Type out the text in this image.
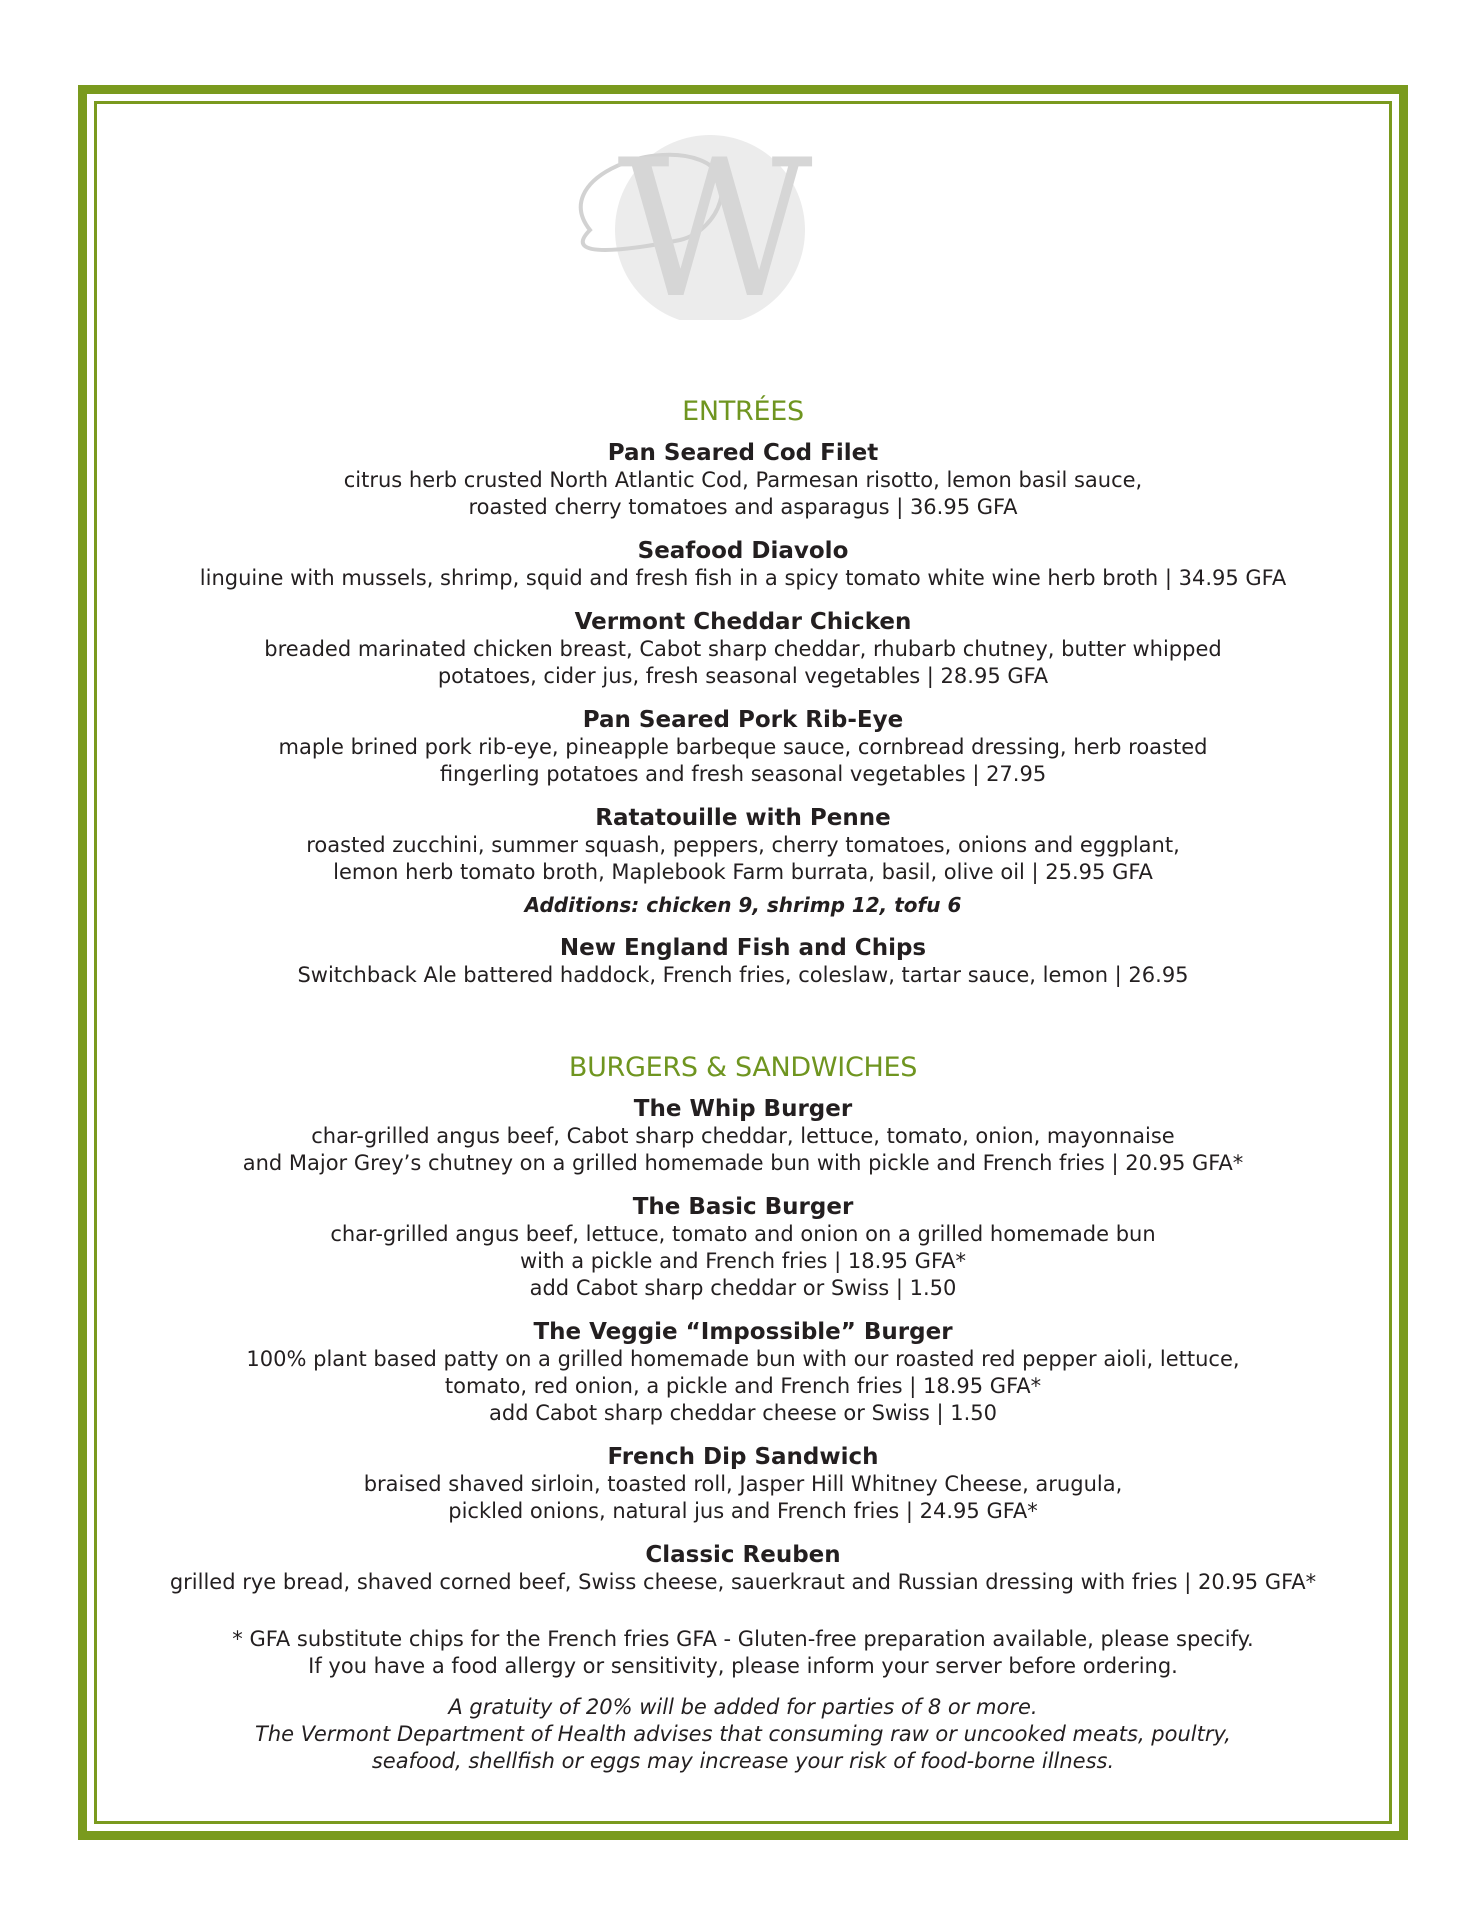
W
ENTRÉES
Pan Seared Cod Filet
citrus herb crusted North Atlantic Cod, Parmesan risotto, lemon basil sauce,
roasted cherry tomatoes and asparagus | 36.95 GFA
Seafood Diavolo
linguine with mussels, shrimp, squid and fresh fish in a spicy tomato white wine herb broth | 34.95 GFA
Vermont Cheddar Chicken
breaded marinated chicken breast, Cabot sharp cheddar, rhubarb chutney, butter whipped
potatoes, cider jus, fresh seasonal vegetables | 28.95 GFA
Pan Seared Pork Rib-Eye
maple brined pork rib-eye, pineapple barbeque sauce, cornbread dressing, herb roasted
fingerling potatoes and fresh seasonal vegetables | 27.95
Ratatouille with Penne
roasted zucchini, summer squash, peppers, cherry tomatoes, onions and eggplant,
lemon herb tomato broth, Maplebook Farm burrata, basil, olive oil | 25.95 GFA
Additions: chicken 9, shrimp 12, tofu 6
New England Fish and Chips
Switchback Ale battered haddock, French fries, coleslaw, tartar sauce, lemon | 26.95
BURGERS & SANDWICHES
The Whip Burger
char-grilled angus beef, Cabot sharp cheddar, lettuce, tomato, onion, mayonnaise
and Major Grey’s chutney on a grilled homemade bun with pickle and French fries | 20.95 GFA*
The Basic Burger
char-grilled angus beef, lettuce, tomato and onion on a grilled homemade bun
with a pickle and French fries | 18.95 GFA*
add Cabot sharp cheddar or Swiss | 1.50
The Veggie “Impossible” Burger
100% plant based patty on a grilled homemade bun with our roasted red pepper aioli, lettuce,
tomato, red onion, a pickle and French fries | 18.95 GFA*
add Cabot sharp cheddar cheese or Swiss | 1.50
French Dip Sandwich
braised shaved sirloin, toasted roll, Jasper Hill Whitney Cheese, arugula,
pickled onions, natural jus and French fries | 24.95 GFA*
Classic Reuben
grilled rye bread, shaved corned beef, Swiss cheese, sauerkraut and Russian dressing with fries | 20.95 GFA*
* GFA substitute chips for the French fries GFA - Gluten-free preparation available, please specify.
If you have a food allergy or sensitivity, please inform your server before ordering.
A gratuity of 20% will be added for parties of 8 or more.
The Vermont Department of Health advises that consuming raw or uncooked meats, poultry,
seafood, shellfish or eggs may increase your risk of food-borne illness.
